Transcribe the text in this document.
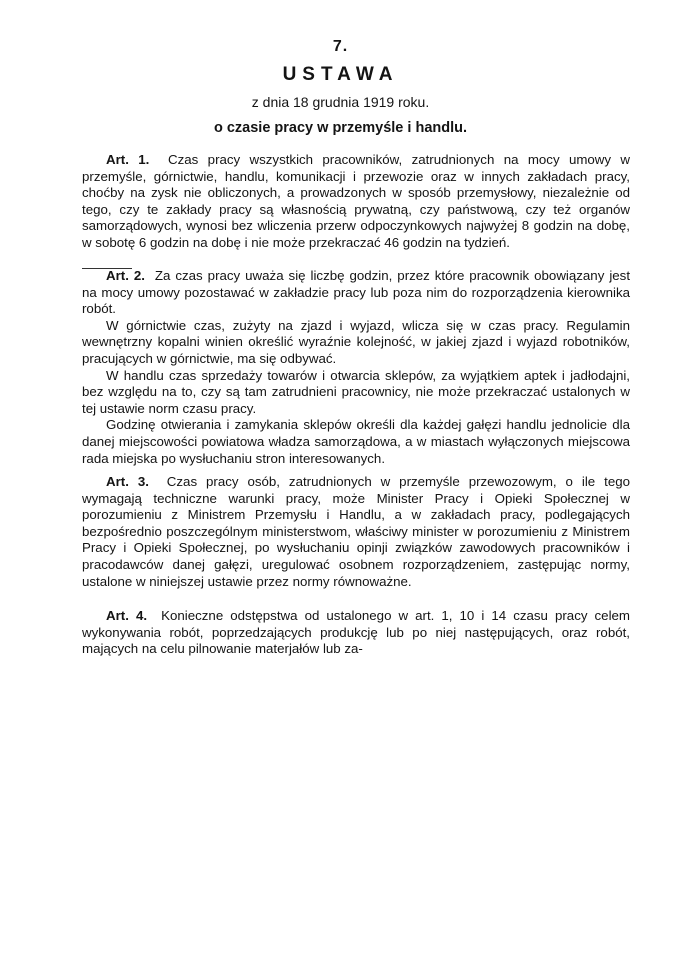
7.
USTAWA
z dnia 18 grudnia 1919 roku.
o czasie pracy w przemyśle i handlu.

Art. 1. Czas pracy wszystkich pracowników, zatrudnionych na mocy umowy w przemyśle, górnictwie, handlu, komunikacji i przewozie oraz w innych zakładach pracy, choćby na zysk nie obliczonych, a prowadzonych w sposób przemysłowy, niezależnie od tego, czy te zakłady pracy są własnością prywatną, czy państwową, czy też organów samorządowych, wynosi bez wliczenia przerw odpoczynkowych najwyżej 8 godzin na dobę, w sobotę 6 godzin na dobę i nie może przekraczać 46 godzin na tydzień.

Art. 2. Za czas pracy uważa się liczbę godzin, przez które pracownik obowiązany jest na mocy umowy pozostawać w zakładzie pracy lub poza nim do rozporządzenia kierownika robót.

W górnictwie czas, zużyty na zjazd i wyjazd, wlicza się w czas pracy. Regulamin wewnętrzny kopalni winien określić wyraźnie kolejność, w jakiej zjazd i wyjazd robotników, pracujących w górnictwie, ma się odbywać.

W handlu czas sprzedaży towarów i otwarcia sklepów, za wyjątkiem aptek i jadłodajni, bez względu na to, czy są tam zatrudnieni pracownicy, nie może przekraczać ustalonych w tej ustawie norm czasu pracy.

Godzinę otwierania i zamykania sklepów określi dla każdej gałęzi handlu jednolicie dla danej miejscowości powiatowa władza samorządowa, a w miastach wyłączonych miejscowa rada miejska po wysłuchaniu stron interesowanych.

Art. 3. Czas pracy osób, zatrudnionych w przemyśle przewozowym, o ile tego wymagają techniczne warunki pracy, może Minister Pracy i Opieki Społecznej w porozumieniu z Ministrem Przemysłu i Handlu, a w zakładach pracy, podlegających bezpośrednio poszczególnym ministerstwom, właściwy minister w porozumieniu z Ministrem Pracy i Opieki Społecznej, po wysłuchaniu opinji związków zawodowych pracowników i pracodawców danej gałęzi, uregulować osobnem rozporządzeniem, zastępując normy, ustalone w niniejszej ustawie przez normy równoważne.

Art. 4. Konieczne odstępstwa od ustalonego w art. 1, 10 i 14 czasu pracy celem wykonywania robót, poprzedzających produkcję lub po niej następujących, oraz robót, mających na celu pilnowanie materjałów lub za-
